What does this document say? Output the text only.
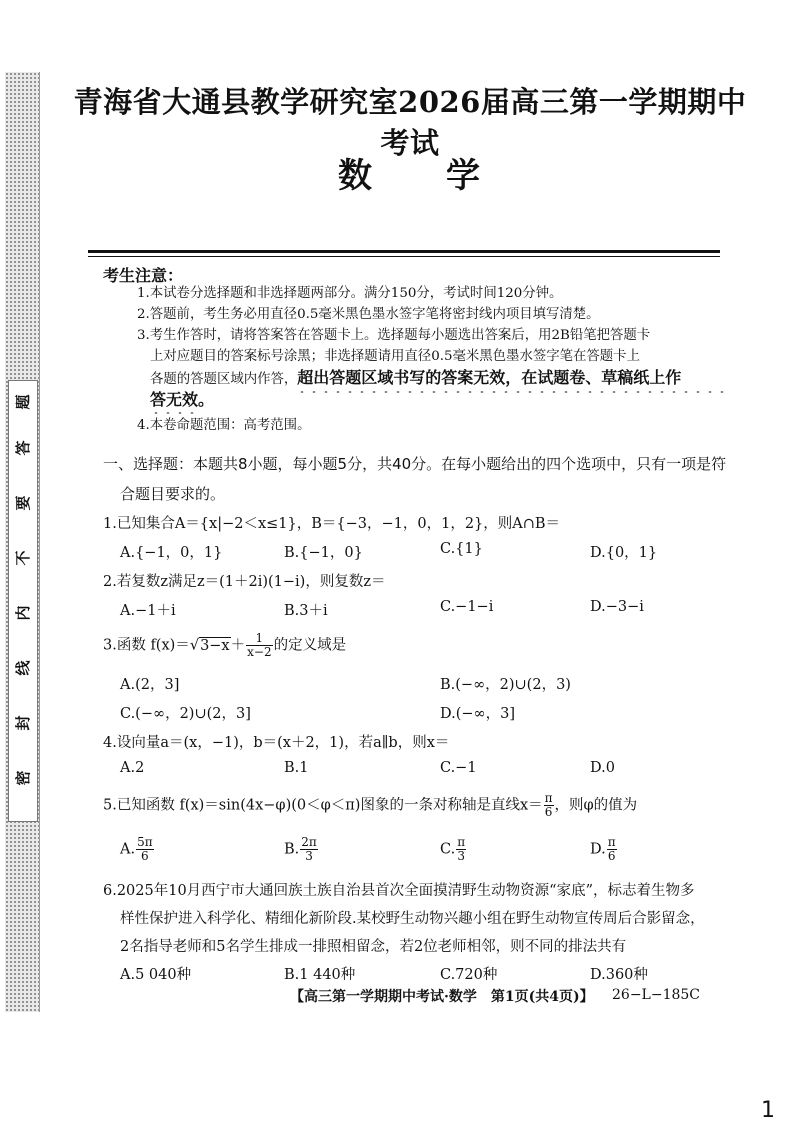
密
封
线
内
不
要
答
题
青海省大通县教学研究室2026届高三第一学期期中考试
数　　学
考生注意：
1.本试卷分选择题和非选择题两部分。满分150分，考试时间120分钟。
2.答题前，考生务必用直径0.5毫米黑色墨水签字笔将密封线内项目填写清楚。
3.考生作答时，请将答案答在答题卡上。选择题每小题选出答案后，用2B铅笔把答题卡
上对应题目的答案标号涂黑；非选择题请用直径0.5毫米黑色墨水签字笔在答题卡上
各题的答题区域内作答，超出答题区域书写的答案无效，在试题卷、草稿纸上作
答无效。
4.本卷命题范围：高考范围。
一、选择题：本题共8小题，每小题5分，共40分。在每小题给出的四个选项中，只有一项是符
合题目要求的。
1.已知集合A＝{x|−2＜x≤1}，B＝{−3，−1，0，1，2}，则A∩B＝
A.{−1，0，1}	B.{−1，0}	C.{1}	D.{0，1}
2.若复数z满足z＝(1＋2i)(1−i)，则复数z＝
A.−1＋i	B.3＋i	C.−1−i	D.−3−i
3.函数 $f(x)=√3-x+ \frac{1}{x-2}$ 的定义域是
A.(2，3]	B.(−∞，2)∪(2，3)
C.(−∞，2)∪(2，3]	D.(−∞，3]
4.设向量a＝(x，−1)，b＝(x＋2，1)，若a∥b，则x＝
A.2	B.1	C.−1	D.0
5.已知函数 f(x)＝sin(4x−φ)(0＜φ＜π)图象的一条对称轴是直线$x= \frac{\pi}{6}$ ，则φ的值为
A. $\frac{5\pi}{6}$	B. $\frac{2\pi}{3}$	C. $\frac{\pi}{3}$	D. $\frac{\pi}{6}$
6.2025年10月西宁市大通回族土族自治县首次全面摸清野生动物资源“家底”，标志着生物多
样性保护进入科学化、精细化新阶段.某校野生动物兴趣小组在野生动物宣传周后合影留念，
2名指导老师和5名学生排成一排照相留念，若2位老师相邻，则不同的排法共有
A.5 040种	B.1 440种	C.720种	D.360种
【高三第一学期期中考试·数学　第1页(共4页)】 26−L−185C
1
